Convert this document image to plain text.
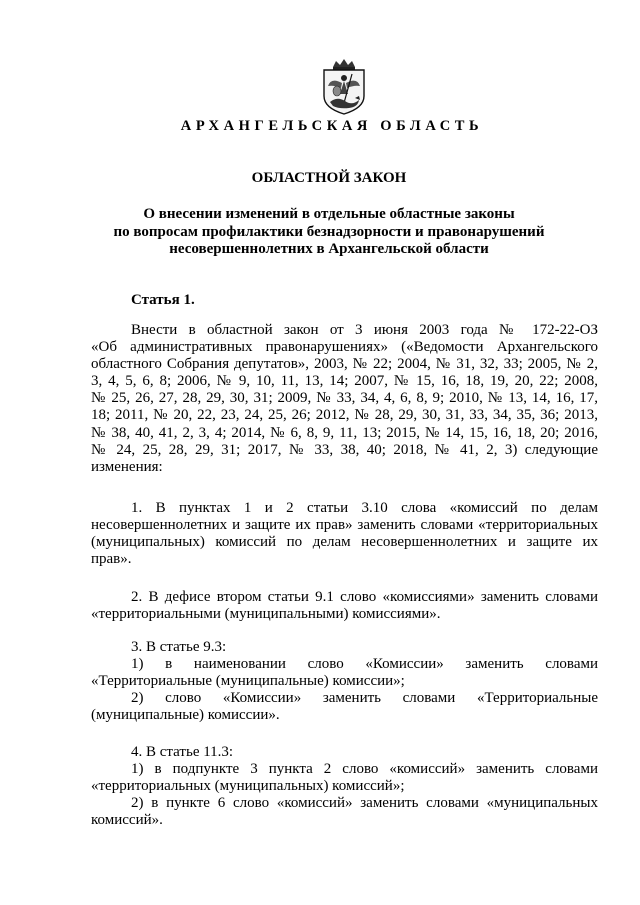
АРХАНГЕЛЬСКАЯ ОБЛАСТЬ
ОБЛАСТНОЙ ЗАКОН
О внесении изменений в отдельные областные законы
по вопросам профилактики безнадзорности и правонарушений
несовершеннолетних в Архангельской области
Статья 1.
Внести в областной закон от 3 июня 2003 года № 172-22-ОЗ
«Об административных правонарушениях» («Ведомости Архангельского
областного Собрания депутатов», 2003, № 22; 2004, № 31, 32, 33; 2005, № 2,
3, 4, 5, 6, 8; 2006, № 9, 10, 11, 13, 14; 2007, № 15, 16, 18, 19, 20, 22; 2008,
№ 25, 26, 27, 28, 29, 30, 31; 2009, № 33, 34, 4, 6, 8, 9; 2010, № 13, 14, 16, 17,
18; 2011, № 20, 22, 23, 24, 25, 26; 2012, № 28, 29, 30, 31, 33, 34, 35, 36; 2013,
№ 38, 40, 41, 2, 3, 4; 2014, № 6, 8, 9, 11, 13; 2015, № 14, 15, 16, 18, 20; 2016,
№ 24, 25, 28, 29, 31; 2017, № 33, 38, 40; 2018, № 41, 2, 3) следующие
изменения:
1. В пунктах 1 и 2 статьи 3.10 слова «комиссий по делам
несовершеннолетних и защите их прав» заменить словами «территориальных
(муниципальных) комиссий по делам несовершеннолетних и защите их
прав».
2. В дефисе втором статьи 9.1 слово «комиссиями» заменить словами
«территориальными (муниципальными) комиссиями».
3. В статье 9.3:
1) в наименовании слово «Комиссии» заменить словами
«Территориальные (муниципальные) комиссии»;
2) слово «Комиссии» заменить словами «Территориальные
(муниципальные) комиссии».
4. В статье 11.3:
1) в подпункте 3 пункта 2 слово «комиссий» заменить словами
«территориальных (муниципальных) комиссий»;
2) в пункте 6 слово «комиссий» заменить словами «муниципальных
комиссий».
